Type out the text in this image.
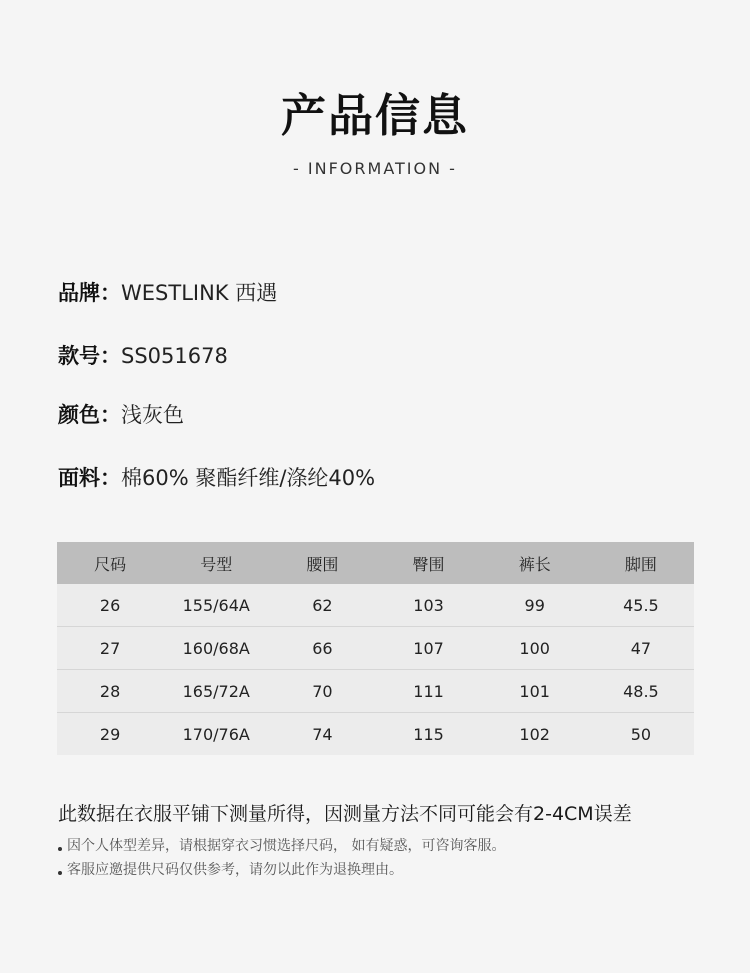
产品信息
- INFORMATION -
品牌：WESTLINK 西遇
款号：SS051678
颜色：浅灰色
面料：棉60% 聚酯纤维/涤纶40%
尺码	号型	腰围	臀围	裤长	脚围
26	155/64A	62	103	99	45.5
27	160/68A	66	107	100	47
28	165/72A	70	111	101	48.5
29	170/76A	74	115	102	50
此数据在衣服平铺下测量所得，因测量方法不同可能会有2-4CM误差
因个人体型差异，请根据穿衣习惯选择尺码， 如有疑惑，可咨询客服。
客服应邀提供尺码仅供参考，请勿以此作为退换理由。
